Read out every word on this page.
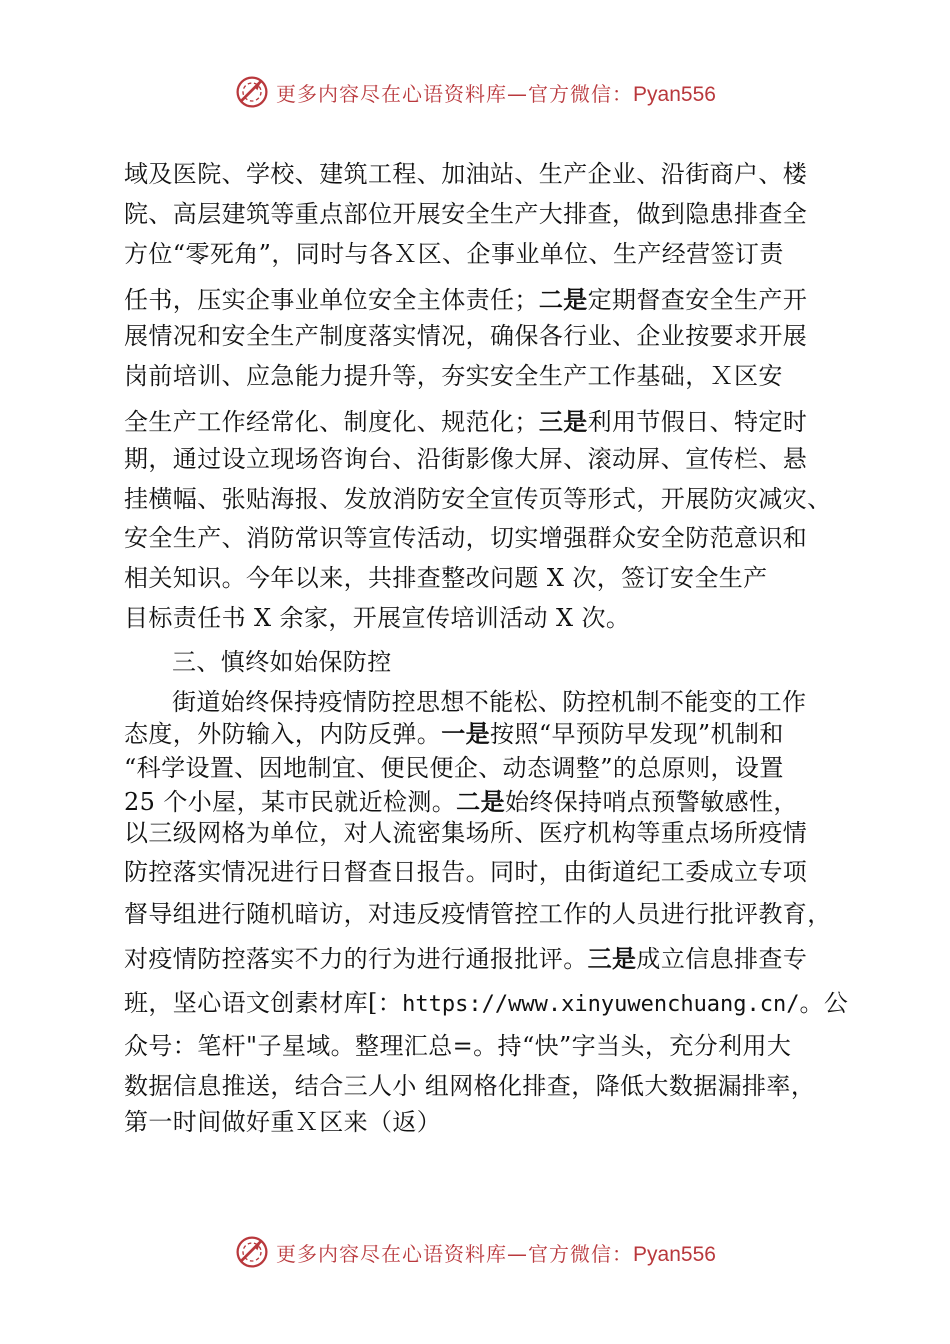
更多内容尽在心语资料库—官方微信：Pyan556
域及医院、学校、建筑工程、加油站、生产企业、沿街商户、楼
院、高层建筑等重点部位开展安全生产大排查，做到隐患排查全
方位“零死角”，同时与各Ｘ区、企事业单位、生产经营签订责
任书，压实企事业单位安全主体责任；二是定期督查安全生产开
展情况和安全生产制度落实情况，确保各行业、企业按要求开展
岗前培训、应急能力提升等，夯实安全生产工作基础，Ｘ区安
全生产工作经常化、制度化、规范化；三是利用节假日、特定时
期，通过设立现场咨询台、沿街影像大屏、滚动屏、宣传栏、悬
挂横幅、张贴海报、发放消防安全宣传页等形式，开展防灾减灾、
安全生产、消防常识等宣传活动，切实增强群众安全防范意识和
相关知识。今年以来，共排查整改问题 X 次，签订安全生产
目标责任书 X 余家，开展宣传培训活动 X 次。
三、慎终如始保防控
街道始终保持疫情防控思想不能松、防控机制不能变的工作
态度，外防输入，内防反弹。一是按照“早预防早发现”机制和
“科学设置、因地制宜、便民便企、动态调整”的总原则，设置
25 个小屋，某市民就近检测。二是始终保持哨点预警敏感性，
以三级网格为单位，对人流密集场所、医疗机构等重点场所疫情
防控落实情况进行日督查日报告。同时，由街道纪工委成立专项
督导组进行随机暗访，对违反疫情管控工作的人员进行批评教育，
对疫情防控落实不力的行为进行通报批评。三是成立信息排查专
班，坚心语文创素材库[：https://www.xinyuwenchuang.cn/。公
众号：笔杆"子星域。整理汇总=。持“快”字当头，充分利用大
数据信息推送，结合三人小 组网格化排查，降低大数据漏排率，
第一时间做好重Ｘ区来（返）
更多内容尽在心语资料库—官方微信：Pyan556
